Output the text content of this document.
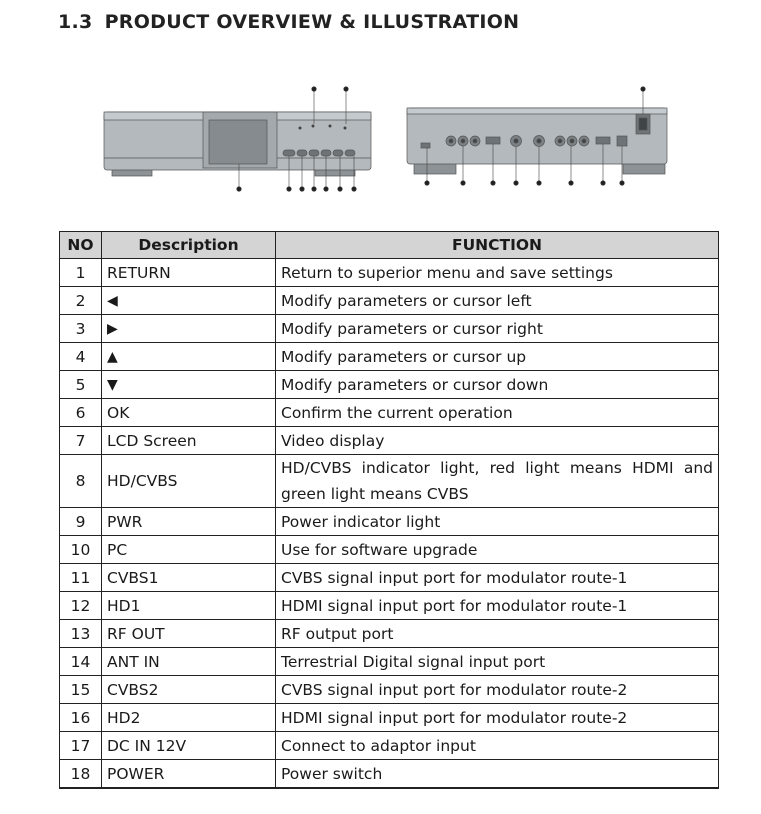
1.3 PRODUCT OVERVIEW & ILLUSTRATION
NO	Description	FUNCTION
1	RETURN	Return to superior menu and save settings
2	◀	Modify parameters or cursor left
3	▶	Modify parameters or cursor right
4	▲	Modify parameters or cursor up
5	▼	Modify parameters or cursor down
6	OK	Confirm the current operation
7	LCD Screen	Video display
8	HD/CVBS	HD/CVBS indicator light, red light means HDMI and green light means CVBS
9	PWR	Power indicator light
10	PC	Use for software upgrade
11	CVBS1	CVBS signal input port for modulator route-1
12	HD1	HDMI signal input port for modulator route-1
13	RF OUT	RF output port
14	ANT IN	Terrestrial Digital signal input port
15	CVBS2	CVBS signal input port for modulator route-2
16	HD2	HDMI signal input port for modulator route-2
17	DC IN 12V	Connect to adaptor input
18	POWER	Power switch
